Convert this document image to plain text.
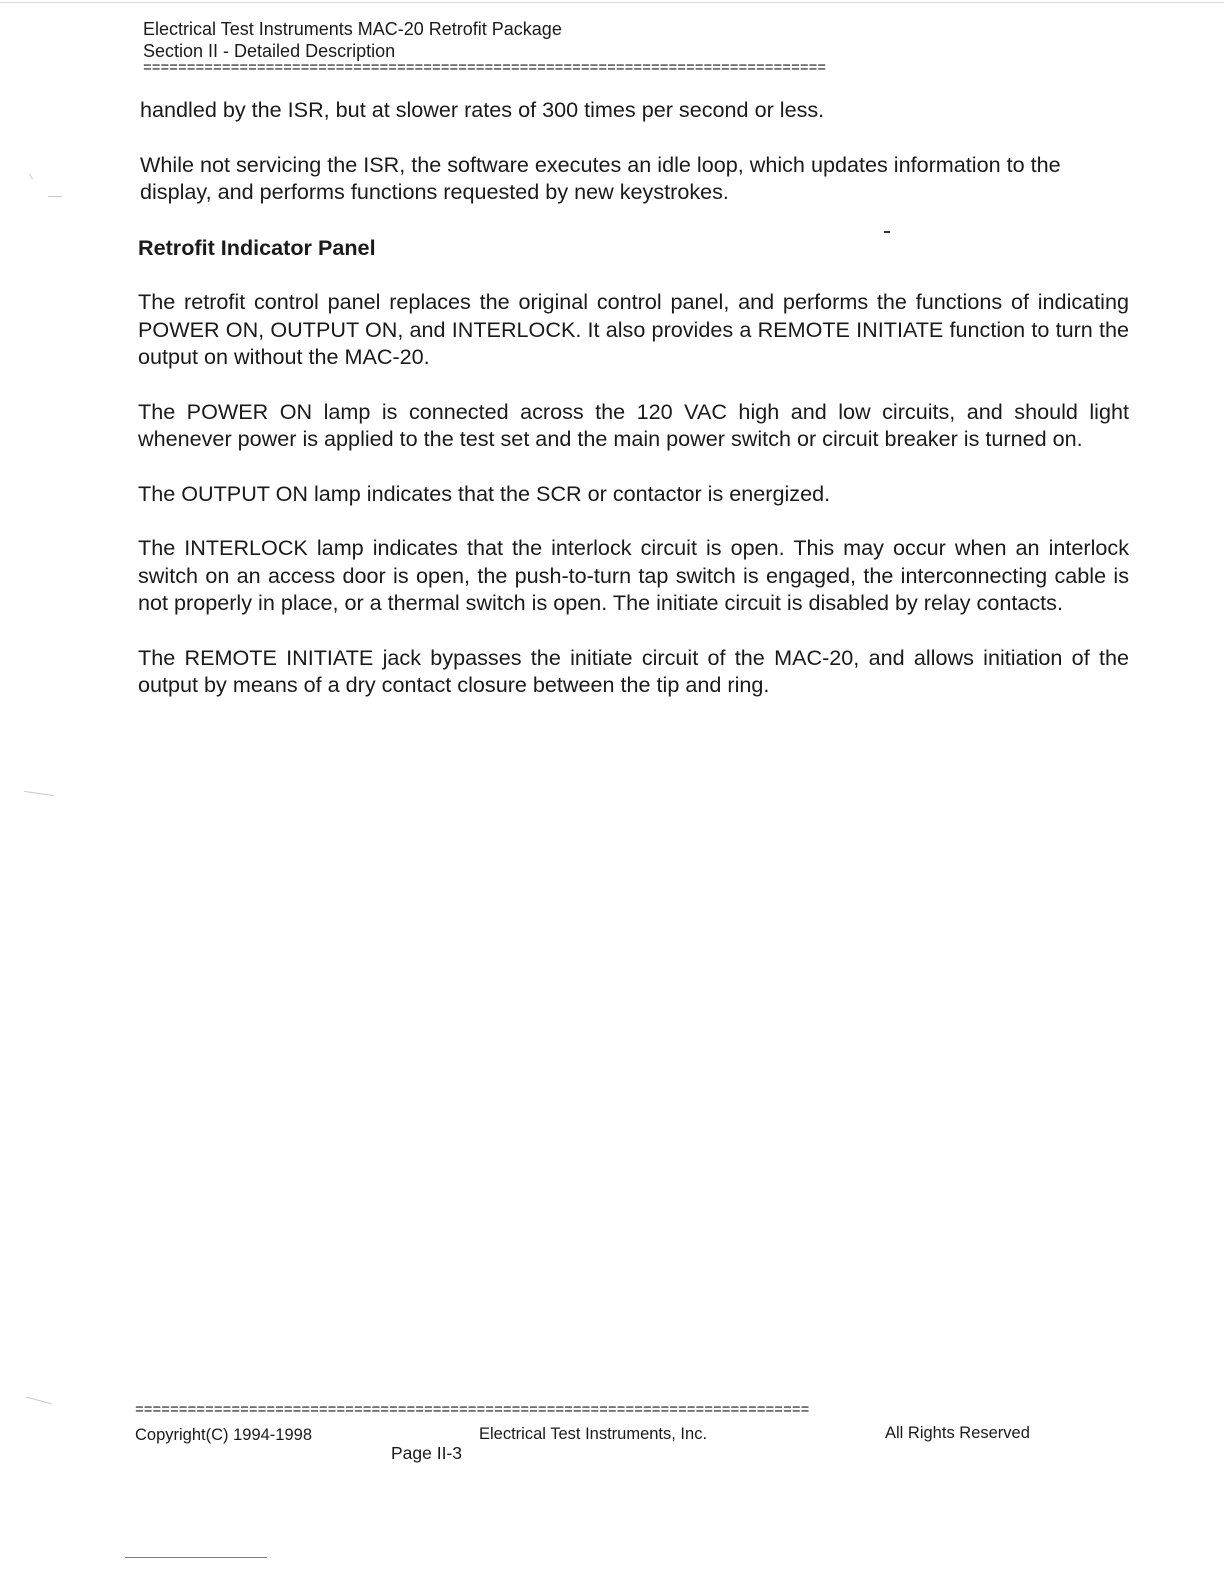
Electrical Test Instruments MAC-20 Retrofit Package
Section II - Detailed Description
==============================================================================

handled by the ISR, but at slower rates of 300 times per second or less.

While not servicing the ISR, the software executes an idle loop, which updates information to the display, and performs functions requested by new keystrokes.

Retrofit Indicator Panel

The retrofit control panel replaces the original control panel, and performs the functions of indicating POWER ON, OUTPUT ON, and INTERLOCK. It also provides a REMOTE INITIATE function to turn the output on without the MAC-20.

The POWER ON lamp is connected across the 120 VAC high and low circuits, and should light whenever power is applied to the test set and the main power switch or circuit breaker is turned on.

The OUTPUT ON lamp indicates that the SCR or contactor is energized.

The INTERLOCK lamp indicates that the interlock circuit is open. This may occur when an interlock switch on an access door is open, the push-to-turn tap switch is engaged, the interconnecting cable is not properly in place, or a thermal switch is open. The initiate circuit is disabled by relay contacts.

The REMOTE INITIATE jack bypasses the initiate circuit of the MAC-20, and allows initiation of the output by means of a dry contact closure between the tip and ring.

=============================================================================
Copyright(C) 1994-1998	Electrical Test Instruments, Inc.	All Rights Reserved
Page II-3
